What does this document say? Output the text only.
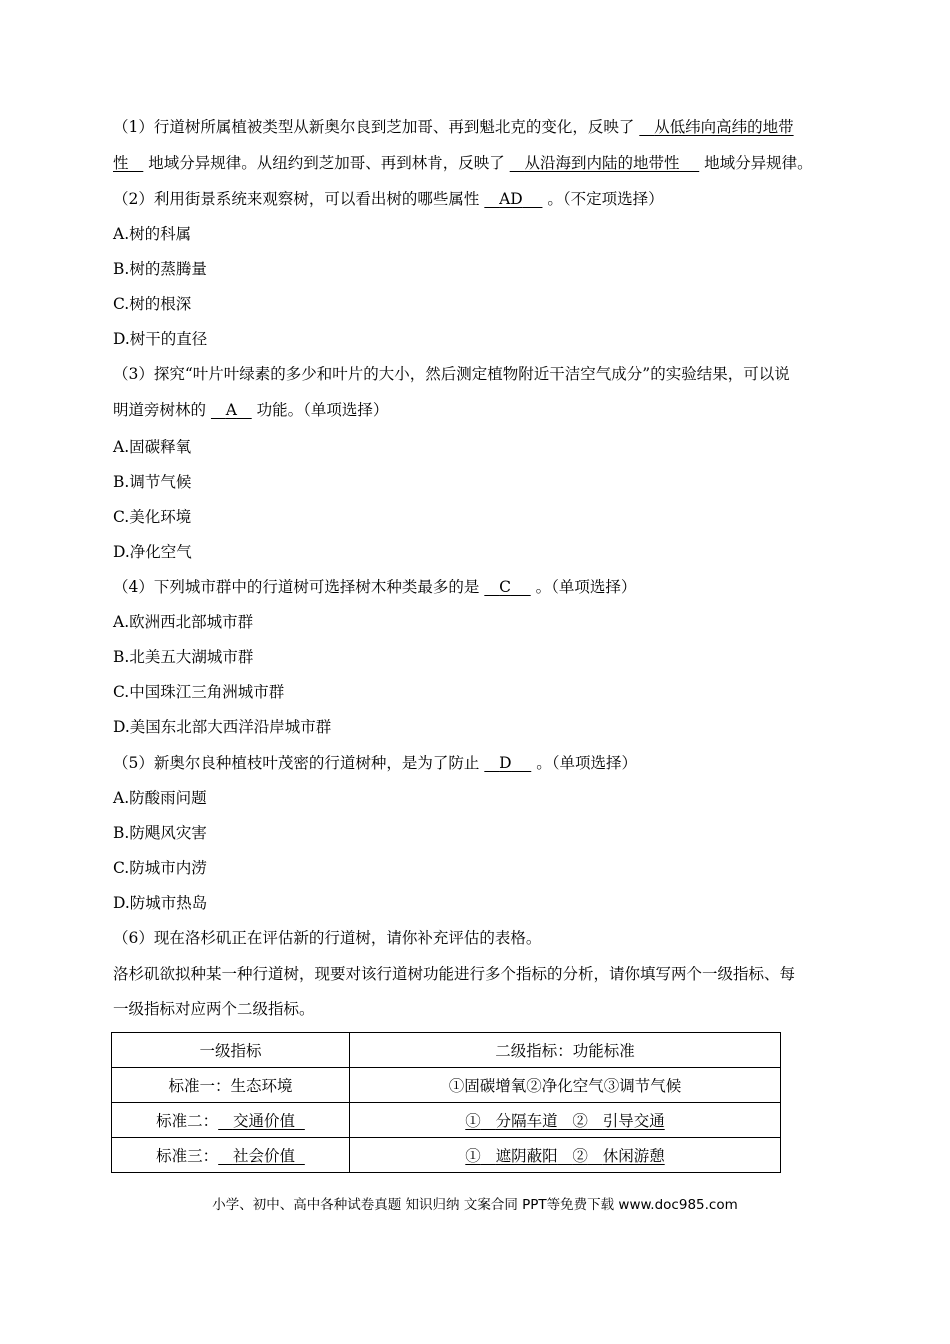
（1）行道树所属植被类型从新奥尔良到芝加哥、再到魁北克的变化，反映了 从低纬向高纬的地带
性 地域分异规律。从纽约到芝加哥、再到林肯，反映了 从沿海到内陆的地带性 地域分异规律。
（2）利用街景系统来观察树，可以看出树的哪些属性 AD 。（不定项选择）
A.树的科属
B.树的蒸腾量
C.树的根深
D.树干的直径
（3）探究“叶片叶绿素的多少和叶片的大小，然后测定植物附近干洁空气成分”的实验结果，可以说
明道旁树林的 A 功能。（单项选择）
A.固碳释氧
B.调节气候
C.美化环境
D.净化空气
（4）下列城市群中的行道树可选择树木种类最多的是 C 。（单项选择）
A.欧洲西北部城市群
B.北美五大湖城市群
C.中国珠江三角洲城市群
D.美国东北部大西洋沿岸城市群
（5）新奥尔良种植枝叶茂密的行道树种，是为了防止 D 。（单项选择）
A.防酸雨问题
B.防飓风灾害
C.防城市内涝
D.防城市热岛
（6）现在洛杉矶正在评估新的行道树，请你补充评估的表格。
洛杉矶欲拟种某一种行道树，现要对该行道树功能进行多个指标的分析，请你填写两个一级指标、每
一级指标对应两个二级指标。
一级指标	二级指标：功能标准
标准一：生态环境	①固碳增氧②净化空气③调节气候
标准二： 交通价值	① 分隔车道 ② 引导交通
标准三： 社会价值	① 遮阴蔽阳 ② 休闲游憩
小学、初中、高中各种试卷真题 知识归纳 文案合同 PPT等免费下载 www.doc985.com
